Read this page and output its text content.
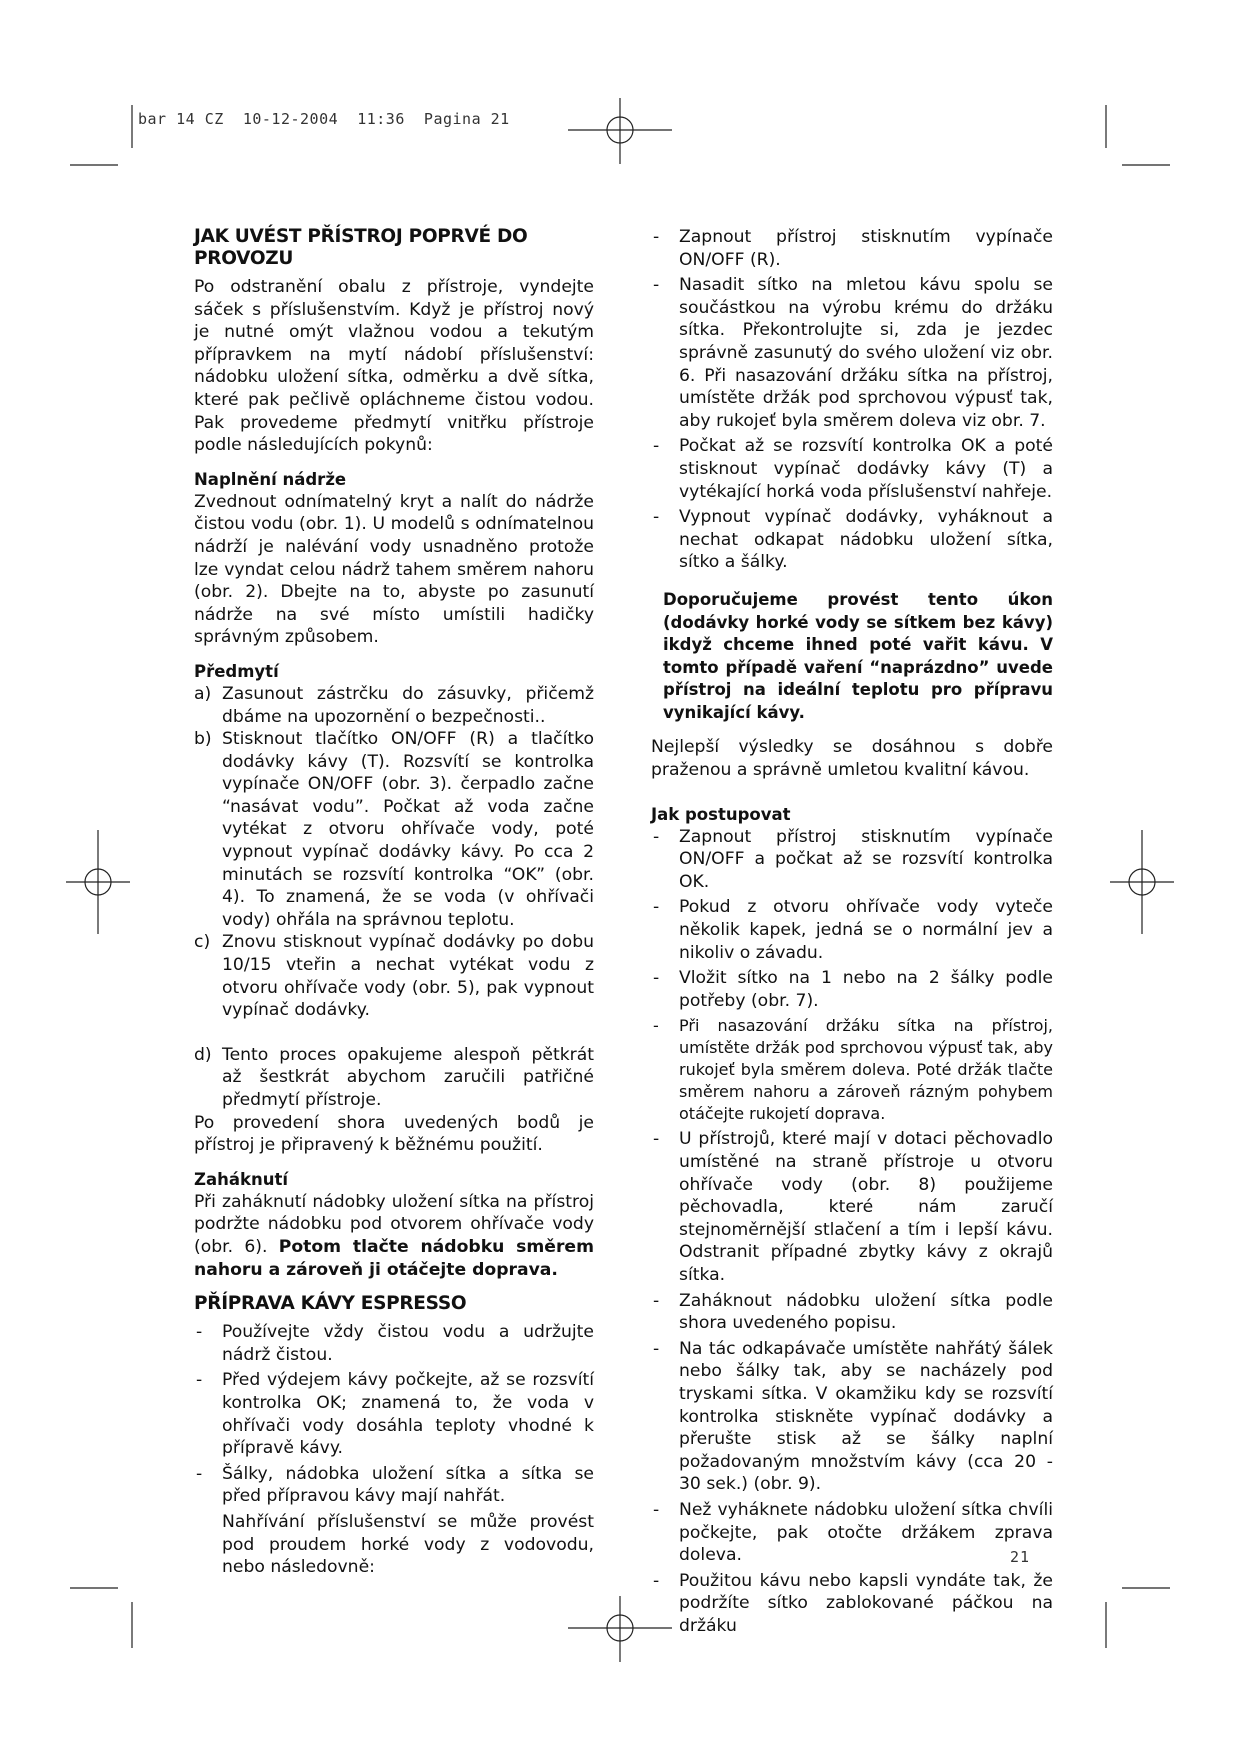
bar 14 CZ  10-12-2004  11:36  Pagina 21
JAK UVÉST PŘÍSTROJ POPRVÉ DO PROVOZU

Po odstranění obalu z přístroje, vyndejte sáček s příslušenstvím. Když je přístroj nový je nutné omýt vlažnou vodou a tekutým přípravkem na mytí nádobí příslušenství: nádobku uložení sítka, odměrku a dvě sítka, které pak pečlivě opláchneme čistou vodou. Pak provedeme předmytí vnitřku přístroje podle následujících pokynů:

Naplnění nádrže

Zvednout odnímatelný kryt a nalít do nádrže čistou vodu (obr. 1). U modelů s odnímatelnou nádrží je nalévání vody usnadněno protože lze vyndat celou nádrž tahem směrem nahoru (obr. 2). Dbejte na to, abyste po zasunutí nádrže na své místo umístili hadičky správným způsobem.

Předmytí
a) Zasunout zástrčku do zásuvky, přičemž dbáme na upozornění o bezpečnosti..
b) Stisknout tlačítko ON/OFF (R) a tlačítko dodávky kávy (T). Rozsvítí se kontrolka vypínače ON/OFF (obr. 3). čerpadlo začne “nasávat vodu”. Počkat až voda začne vytékat z otvoru ohřívače vody, poté vypnout vypínač dodávky kávy. Po cca 2 minutách se rozsvítí kontrolka “OK” (obr. 4). To znamená, že se voda (v ohřívači vody) ohřála na správnou teplotu.
c) Znovu stisknout vypínač dodávky po dobu 10/15 vteřin a nechat vytékat vodu z otvoru ohřívače vody (obr. 5), pak vypnout vypínač dodávky.
d) Tento proces opakujeme alespoň pětkrát až šestkrát abychom zaručili patřičné předmytí přístroje.

Po provedení shora uvedených bodů je přístroj je připravený k běžnému použití.

Zaháknutí

Při zaháknutí nádobky uložení sítka na přístroj podržte nádobku pod otvorem ohřívače vody (obr. 6). Potom tlačte nádobku směrem nahoru a zároveň ji otáčejte doprava.

PŘÍPRAVA KÁVY ESPRESSO
- Používejte vždy čistou vodu a udržujte nádrž čistou.
- Před výdejem kávy počkejte, až se rozsvítí kontrolka OK; znamená to, že voda v ohřívači vody dosáhla teploty vhodné k přípravě kávy.
- Šálky, nádobka uložení sítka a sítka se před přípravou kávy mají nahřát.

Nahřívání příslušenství se může provést pod proudem horké vody z vodovodu, nebo následovně:

- Zapnout přístroj stisknutím vypínače ON/OFF (R).
- Nasadit sítko na mletou kávu spolu se součástkou na výrobu krému do držáku sítka. Překontrolujte si, zda je jezdec správně zasunutý do svého uložení viz obr. 6. Při nasazování držáku sítka na přístroj, umístěte držák pod sprchovou výpusť tak, aby rukojeť byla směrem doleva viz obr. 7.
- Počkat až se rozsvítí kontrolka OK a poté stisknout vypínač dodávky kávy (T) a vytékající horká voda příslušenství nahřeje.
- Vypnout vypínač dodávky, vyháknout a nechat odkapat nádobku uložení sítka, sítko a šálky.

Doporučujeme provést tento úkon (dodávky horké vody se sítkem bez kávy) ikdyž chceme ihned poté vařit kávu. V tomto případě vaření “naprázdno” uvede přístroj na ideální teplotu pro přípravu vynikající kávy.

Nejlepší výsledky se dosáhnou s dobře praženou a správně umletou kvalitní kávou.

Jak postupovat
- Zapnout přístroj stisknutím vypínače ON/OFF a počkat až se rozsvítí kontrolka OK.
- Pokud z otvoru ohřívače vody vyteče několik kapek, jedná se o normální jev a nikoliv o závadu.
- Vložit sítko na 1 nebo na 2 šálky podle potřeby (obr. 7).
- Při nasazování držáku sítka na přístroj, umístěte držák pod sprchovou výpusť tak, aby rukojeť byla směrem doleva. Poté držák tlačte směrem nahoru a zároveň rázným pohybem otáčejte rukojetí doprava.
- U přístrojů, které mají v dotaci pěchovadlo umístěné na straně přístroje u otvoru ohřívače vody (obr. 8) použijeme pěchovadla, které nám zaručí stejnoměrnější stlačení a tím i lepší kávu. Odstranit případné zbytky kávy z okrajů sítka.
- Zaháknout nádobku uložení sítka podle shora uvedeného popisu.
- Na tác odkapávače umístěte nahřátý šálek nebo šálky tak, aby se nacházely pod tryskami sítka. V okamžiku kdy se rozsvítí kontrolka stiskněte vypínač dodávky a přerušte stisk až se šálky naplní požadovaným množstvím kávy (cca 20 - 30 sek.) (obr. 9).
- Než vyháknete nádobku uložení sítka chvíli počkejte, pak otočte držákem zprava doleva.
- Použitou kávu nebo kapsli vyndáte tak, že podržíte sítko zablokované páčkou na držáku
21
